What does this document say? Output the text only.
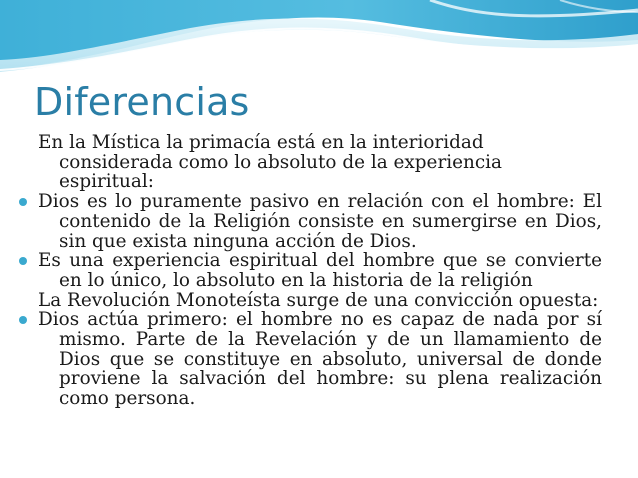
Diferencias

En la Mística la primacía está en la interioridad considerada como lo absoluto de la experiencia espiritual:

Dios es lo puramente pasivo en relación con el hombre: El contenido de la Religión consiste en sumergirse en Dios, sin que exista ninguna acción de Dios.

Es una experiencia espiritual del hombre que se convierte en lo único, lo absoluto en la historia de la religión

La Revolución Monoteísta surge de una convicción opuesta:

Dios actúa primero: el hombre no es capaz de nada por sí mismo. Parte de la Revelación y de un llamamiento de Dios que se constituye en absoluto, universal de donde proviene la salvación del hombre: su plena realización como persona.
